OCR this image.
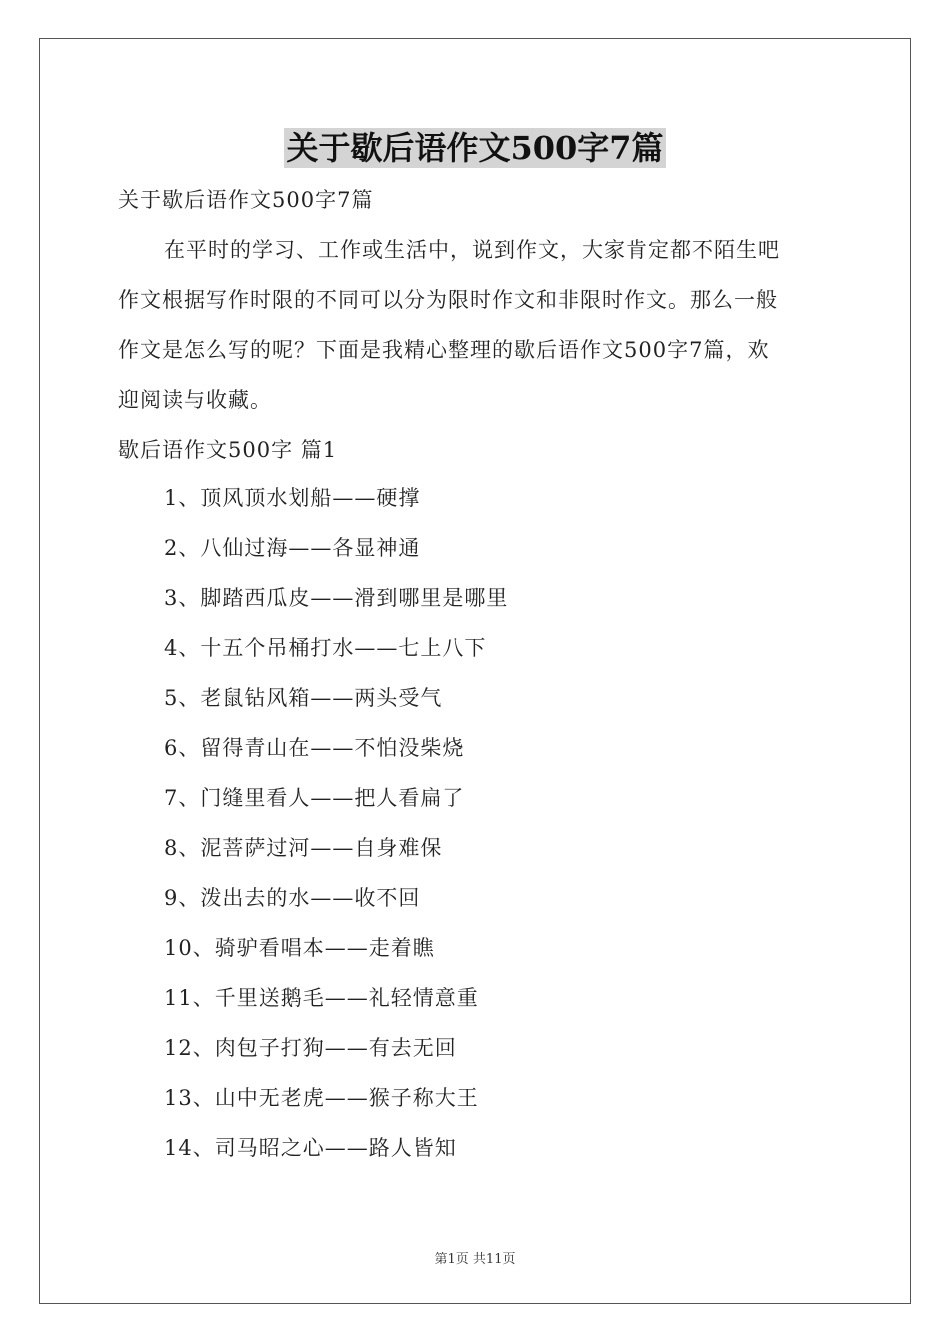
关于歇后语作文500字7篇
关于歇后语作文500字7篇
在平时的学习、工作或生活中，说到作文，大家肯定都不陌生吧
作文根据写作时限的不同可以分为限时作文和非限时作文。那么一般
作文是怎么写的呢？下面是我精心整理的歇后语作文500字7篇，欢
迎阅读与收藏。
歇后语作文500字 篇1
1、顶风顶水划船——硬撑
2、八仙过海——各显神通
3、脚踏西瓜皮——滑到哪里是哪里
4、十五个吊桶打水——七上八下
5、老鼠钻风箱——两头受气
6、留得青山在——不怕没柴烧
7、门缝里看人——把人看扁了
8、泥菩萨过河——自身难保
9、泼出去的水——收不回
10、骑驴看唱本——走着瞧
11、千里送鹅毛——礼轻情意重
12、肉包子打狗——有去无回
13、山中无老虎——猴子称大王
14、司马昭之心——路人皆知
第1页 共11页
